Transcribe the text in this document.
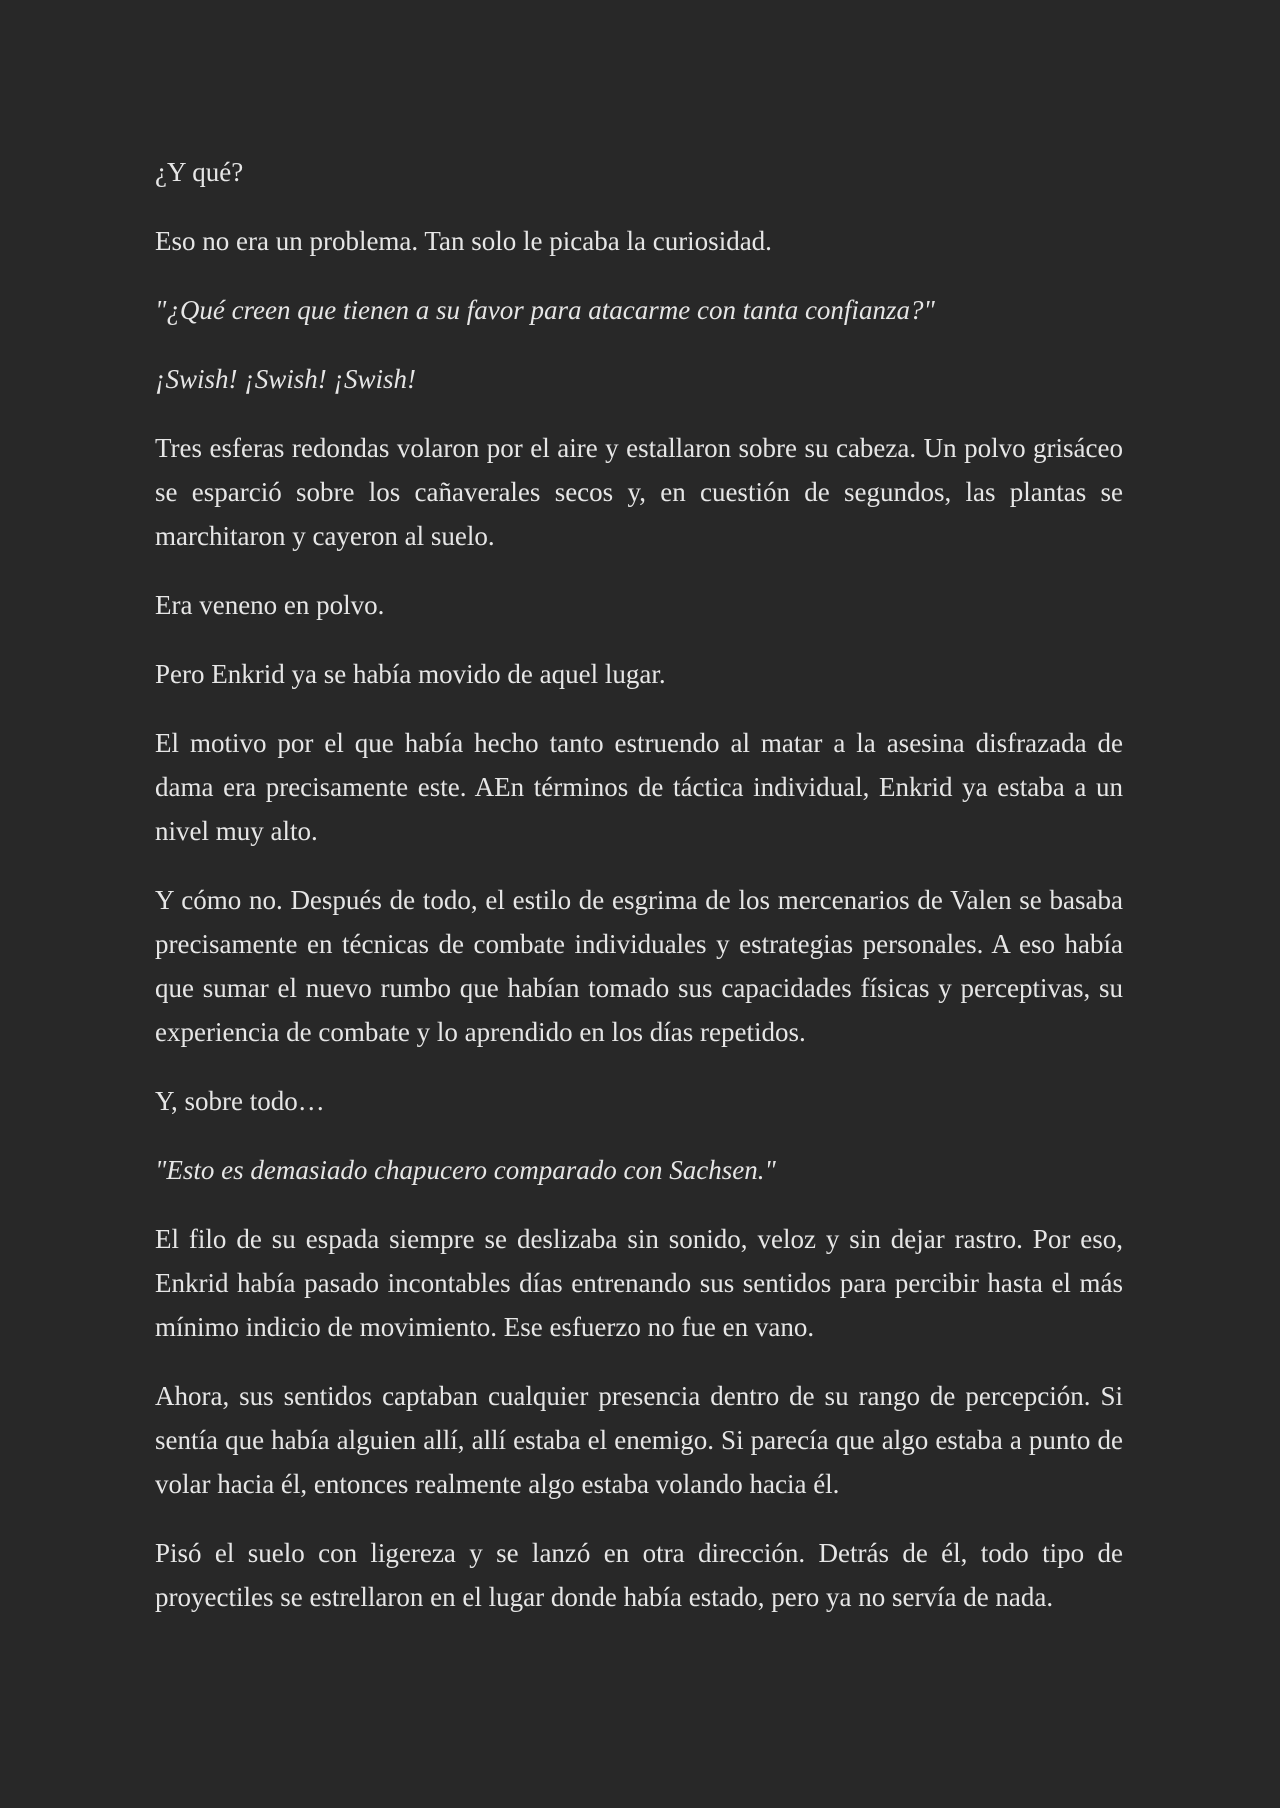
¿Y qué?

Eso no era un problema. Tan solo le picaba la curiosidad.

"¿Qué creen que tienen a su favor para atacarme con tanta confianza?"

¡Swish! ¡Swish! ¡Swish!

Tres esferas redondas volaron por el aire y estallaron sobre su cabeza. Un polvo grisáceo se esparció sobre los cañaverales secos y, en cuestión de segundos, las plantas se marchitaron y cayeron al suelo.

Era veneno en polvo.

Pero Enkrid ya se había movido de aquel lugar.

El motivo por el que había hecho tanto estruendo al matar a la asesina disfrazada de dama era precisamente este. AEn términos de táctica individual, Enkrid ya estaba a un nivel muy alto.

Y cómo no. Después de todo, el estilo de esgrima de los mercenarios de Valen se basaba precisamente en técnicas de combate individuales y estrategias personales. A eso había que sumar el nuevo rumbo que habían tomado sus capacidades físicas y perceptivas, su experiencia de combate y lo aprendido en los días repetidos.

Y, sobre todo…

"Esto es demasiado chapucero comparado con Sachsen."

El filo de su espada siempre se deslizaba sin sonido, veloz y sin dejar rastro. Por eso, Enkrid había pasado incontables días entrenando sus sentidos para percibir hasta el más mínimo indicio de movimiento. Ese esfuerzo no fue en vano.

Ahora, sus sentidos captaban cualquier presencia dentro de su rango de percepción. Si sentía que había alguien allí, allí estaba el enemigo. Si parecía que algo estaba a punto de volar hacia él, entonces realmente algo estaba volando hacia él.

Pisó el suelo con ligereza y se lanzó en otra dirección. Detrás de él, todo tipo de proyectiles se estrellaron en el lugar donde había estado, pero ya no servía de nada.
